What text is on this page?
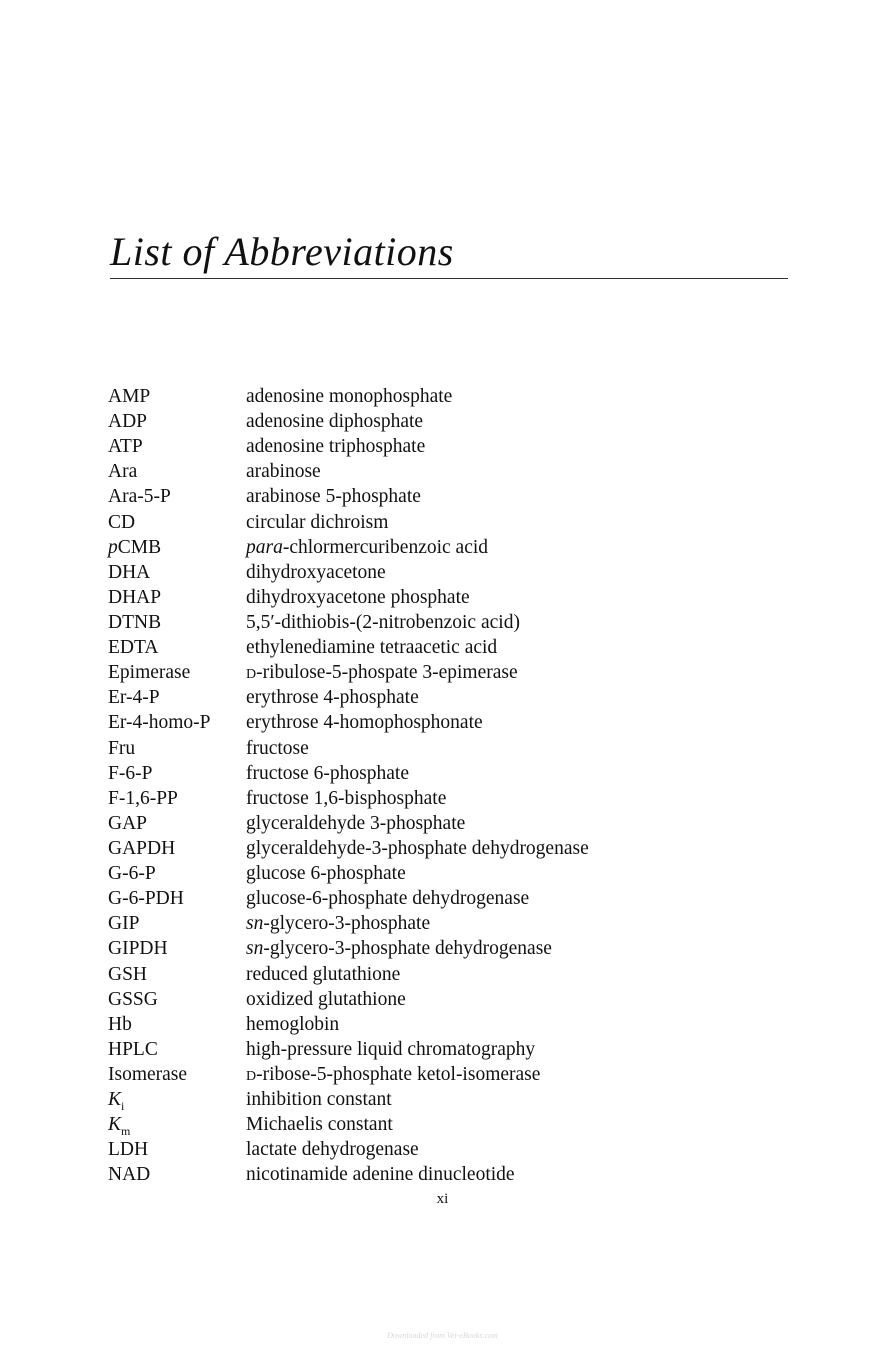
List of Abbreviations
AMP	adenosine monophosphate
ADP	adenosine diphosphate
ATP	adenosine triphosphate
Ara	arabinose
Ara-5-P	arabinose 5-phosphate
CD	circular dichroism
pCMB	para-chlormercuribenzoic acid
DHA	dihydroxyacetone
DHAP	dihydroxyacetone phosphate
DTNB	5,5′-dithiobis-(2-nitrobenzoic acid)
EDTA	ethylenediamine tetraacetic acid
Epimerase	d-ribulose-5-phospate 3-epimerase
Er-4-P	erythrose 4-phosphate
Er-4-homo-P	erythrose 4-homophosphonate
Fru	fructose
F-6-P	fructose 6-phosphate
F-1,6-PP	fructose 1,6-bisphosphate
GAP	glyceraldehyde 3-phosphate
GAPDH	glyceraldehyde-3-phosphate dehydrogenase
G-6-P	glucose 6-phosphate
G-6-PDH	glucose-6-phosphate dehydrogenase
GIP	sn-glycero-3-phosphate
GIPDH	sn-glycero-3-phosphate dehydrogenase
GSH	reduced glutathione
GSSG	oxidized glutathione
Hb	hemoglobin
HPLC	high-pressure liquid chromatography
Isomerase	d-ribose-5-phosphate ketol-isomerase
$K_i$	inhibition constant
$K_m$	Michaelis constant
LDH	lactate dehydrogenase
NAD	nicotinamide adenine dinucleotide
xi
Downloaded from Vet-eBooks.com
